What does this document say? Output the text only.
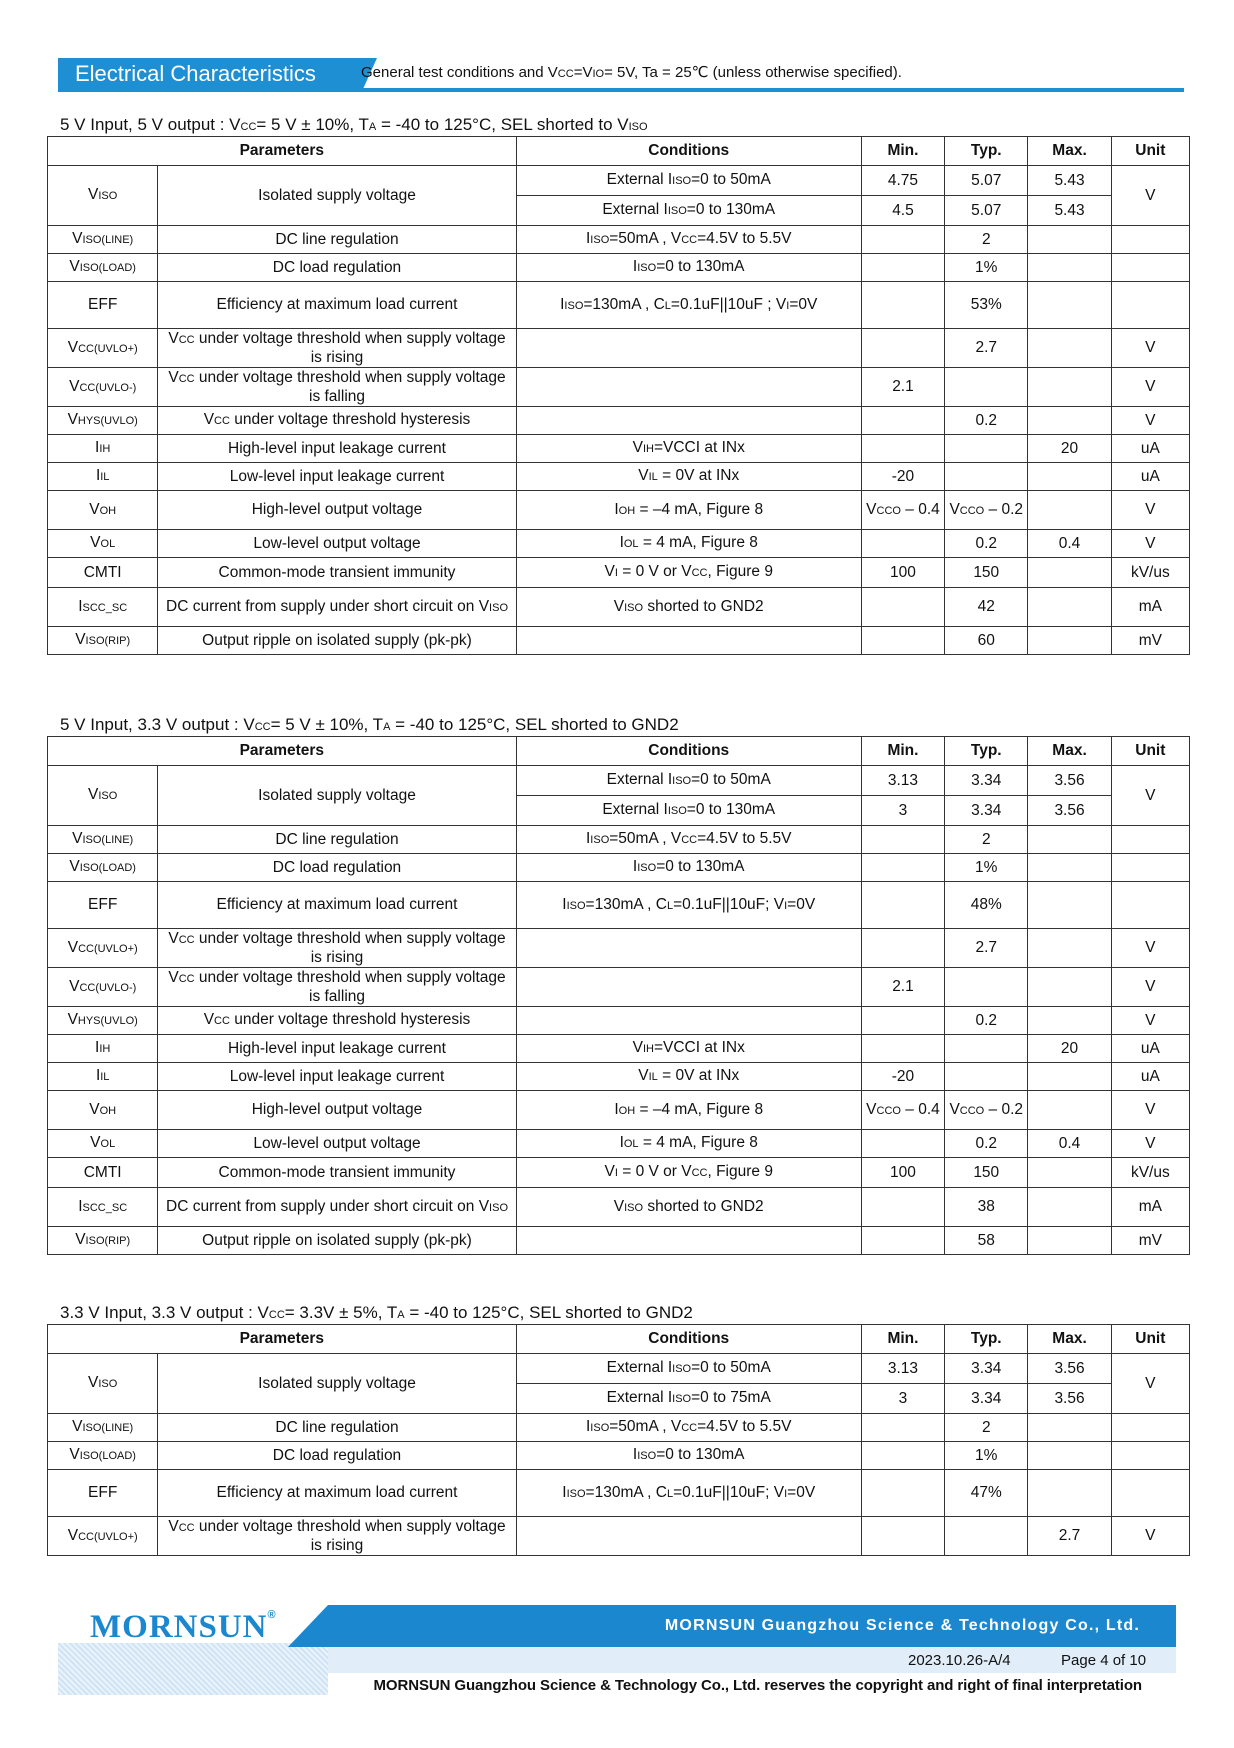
Electrical Characteristics	General test conditions and VCC=VIO= 5V, Ta = 25℃ (unless otherwise specified).
5 V Input, 5 V output : VCC= 5 V ± 10%, TA = -40 to 125°C, SEL shorted to VISO
Parameters		Conditions	Min.	Typ.	Max.	Unit
VISO	Isolated supply voltage	External IISO=0 to 50mA	4.75	5.07	5.43	V
		External IISO=0 to 130mA	4.5	5.07	5.43	
VISO(LINE)	DC line regulation	IISO=50mA , VCC=4.5V to 5.5V		2		
VISO(LOAD)	DC load regulation	IISO=0 to 130mA		1%		
EFF	Efficiency at maximum load current	IISO=130mA , CL=0.1uF||10uF ; VI=0V		53%		
VCC(UVLO+)	VCC under voltage threshold when supply voltage is rising			2.7		V
VCC(UVLO-)	VCC under voltage threshold when supply voltage is falling		2.1			V
VHYS(UVLO)	VCC under voltage threshold hysteresis			0.2		V
IIH	High-level input leakage current	VIH=VCCI at INx			20	uA
IIL	Low-level input leakage current	VIL = 0V at INx	-20			uA
VOH	High-level output voltage	IOH = –4 mA, Figure 8	VCCO – 0.4	VCCO – 0.2		V
VOL	Low-level output voltage	IOL = 4 mA, Figure 8		0.2	0.4	V
CMTI	Common-mode transient immunity	VI = 0 V or VCC, Figure 9	100	150		kV/us
ISCC_SC	DC current from supply under short circuit on VISO	VISO shorted to GND2		42		mA
VISO(RIP)	Output ripple on isolated supply (pk-pk)			60		mV
5 V Input, 3.3 V output : VCC= 5 V ± 10%, TA = -40 to 125°C, SEL shorted to GND2
Parameters		Conditions	Min.	Typ.	Max.	Unit
VISO	Isolated supply voltage	External IISO=0 to 50mA	3.13	3.34	3.56	V
		External IISO=0 to 130mA	3	3.34	3.56	
VISO(LINE)	DC line regulation	IISO=50mA , VCC=4.5V to 5.5V		2		
VISO(LOAD)	DC load regulation	IISO=0 to 130mA		1%		
EFF	Efficiency at maximum load current	IISO=130mA , CL=0.1uF||10uF; VI=0V		48%		
VCC(UVLO+)	VCC under voltage threshold when supply voltage is rising			2.7		V
VCC(UVLO-)	VCC under voltage threshold when supply voltage is falling		2.1			V
VHYS(UVLO)	VCC under voltage threshold hysteresis			0.2		V
IIH	High-level input leakage current	VIH=VCCI at INx			20	uA
IIL	Low-level input leakage current	VIL = 0V at INx	-20			uA
VOH	High-level output voltage	IOH = –4 mA, Figure 8	VCCO – 0.4	VCCO – 0.2		V
VOL	Low-level output voltage	IOL = 4 mA, Figure 8		0.2	0.4	V
CMTI	Common-mode transient immunity	VI = 0 V or VCC, Figure 9	100	150		kV/us
ISCC_SC	DC current from supply under short circuit on VISO	VISO shorted to GND2		38		mA
VISO(RIP)	Output ripple on isolated supply (pk-pk)			58		mV
3.3 V Input, 3.3 V output : VCC= 3.3V ± 5%, TA = -40 to 125°C, SEL shorted to GND2
Parameters		Conditions	Min.	Typ.	Max.	Unit
VISO	Isolated supply voltage	External IISO=0 to 50mA	3.13	3.34	3.56	V
		External IISO=0 to 75mA	3	3.34	3.56	
VISO(LINE)	DC line regulation	IISO=50mA , VCC=4.5V to 5.5V		2		
VISO(LOAD)	DC load regulation	IISO=0 to 130mA		1%		
EFF	Efficiency at maximum load current	IISO=130mA , CL=0.1uF||10uF; VI=0V		47%		
VCC(UVLO+)	VCC under voltage threshold when supply voltage is rising				2.7	V
MORNSUN®
MORNSUN Guangzhou Science & Technology Co., Ltd.
2023.10.26-A/4	Page 4 of 10
MORNSUN Guangzhou Science & Technology Co., Ltd. reserves the copyright and right of final interpretation
